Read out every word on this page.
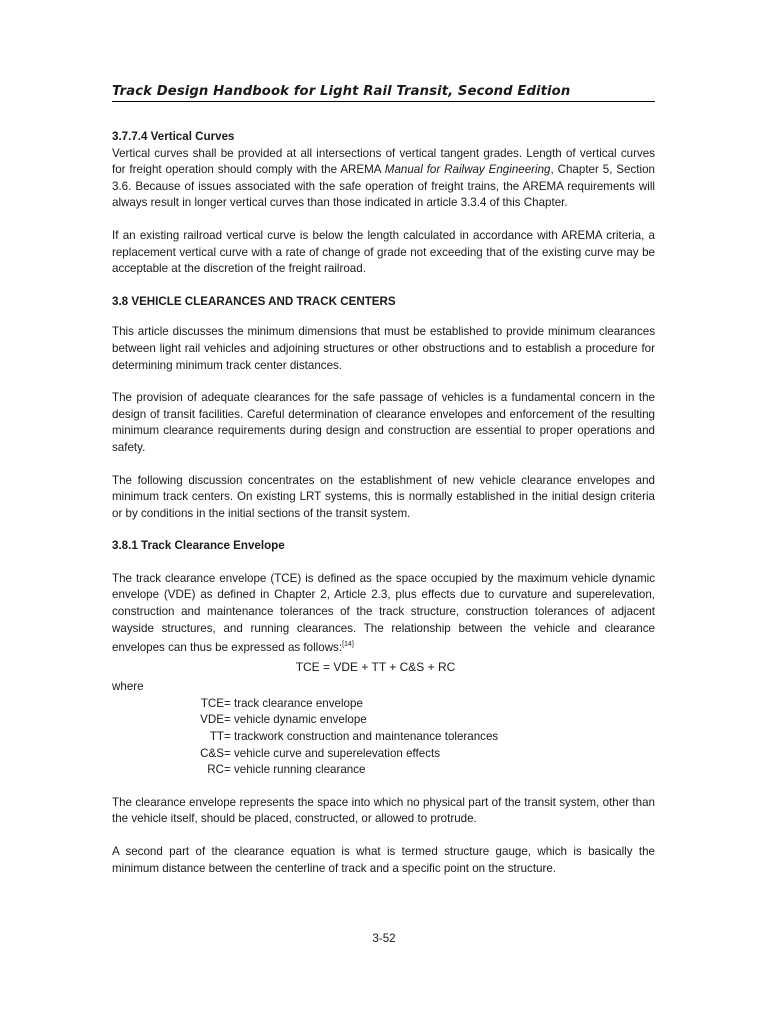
Track Design Handbook for Light Rail Transit, Second Edition
3.7.7.4 Vertical Curves

Vertical curves shall be provided at all intersections of vertical tangent grades. Length of vertical curves for freight operation should comply with the AREMA Manual for Railway Engineering, Chapter 5, Section 3.6. Because of issues associated with the safe operation of freight trains, the AREMA requirements will always result in longer vertical curves than those indicated in article 3.3.4 of this Chapter.

If an existing railroad vertical curve is below the length calculated in accordance with AREMA criteria, a replacement vertical curve with a rate of change of grade not exceeding that of the existing curve may be acceptable at the discretion of the freight railroad.

3.8 VEHICLE CLEARANCES AND TRACK CENTERS

This article discusses the minimum dimensions that must be established to provide minimum clearances between light rail vehicles and adjoining structures or other obstructions and to establish a procedure for determining minimum track center distances.

The provision of adequate clearances for the safe passage of vehicles is a fundamental concern in the design of transit facilities. Careful determination of clearance envelopes and enforcement of the resulting minimum clearance requirements during design and construction are essential to proper operations and safety.

The following discussion concentrates on the establishment of new vehicle clearance envelopes and minimum track centers. On existing LRT systems, this is normally established in the initial design criteria or by conditions in the initial sections of the transit system.

3.8.1 Track Clearance Envelope

The track clearance envelope (TCE) is defined as the space occupied by the maximum vehicle dynamic envelope (VDE) as defined in Chapter 2, Article 2.3, plus effects due to curvature and superelevation, construction and maintenance tolerances of the track structure, construction tolerances of adjacent wayside structures, and running clearances. The relationship between the vehicle and clearance envelopes can thus be expressed as follows:[14]

TCE = VDE + TT + C&S + RC
where
TCE = track clearance envelope
VDE = vehicle dynamic envelope
TT = trackwork construction and maintenance tolerances
C&S = vehicle curve and superelevation effects
RC = vehicle running clearance

The clearance envelope represents the space into which no physical part of the transit system, other than the vehicle itself, should be placed, constructed, or allowed to protrude.

A second part of the clearance equation is what is termed structure gauge, which is basically the minimum distance between the centerline of track and a specific point on the structure.

3-52
